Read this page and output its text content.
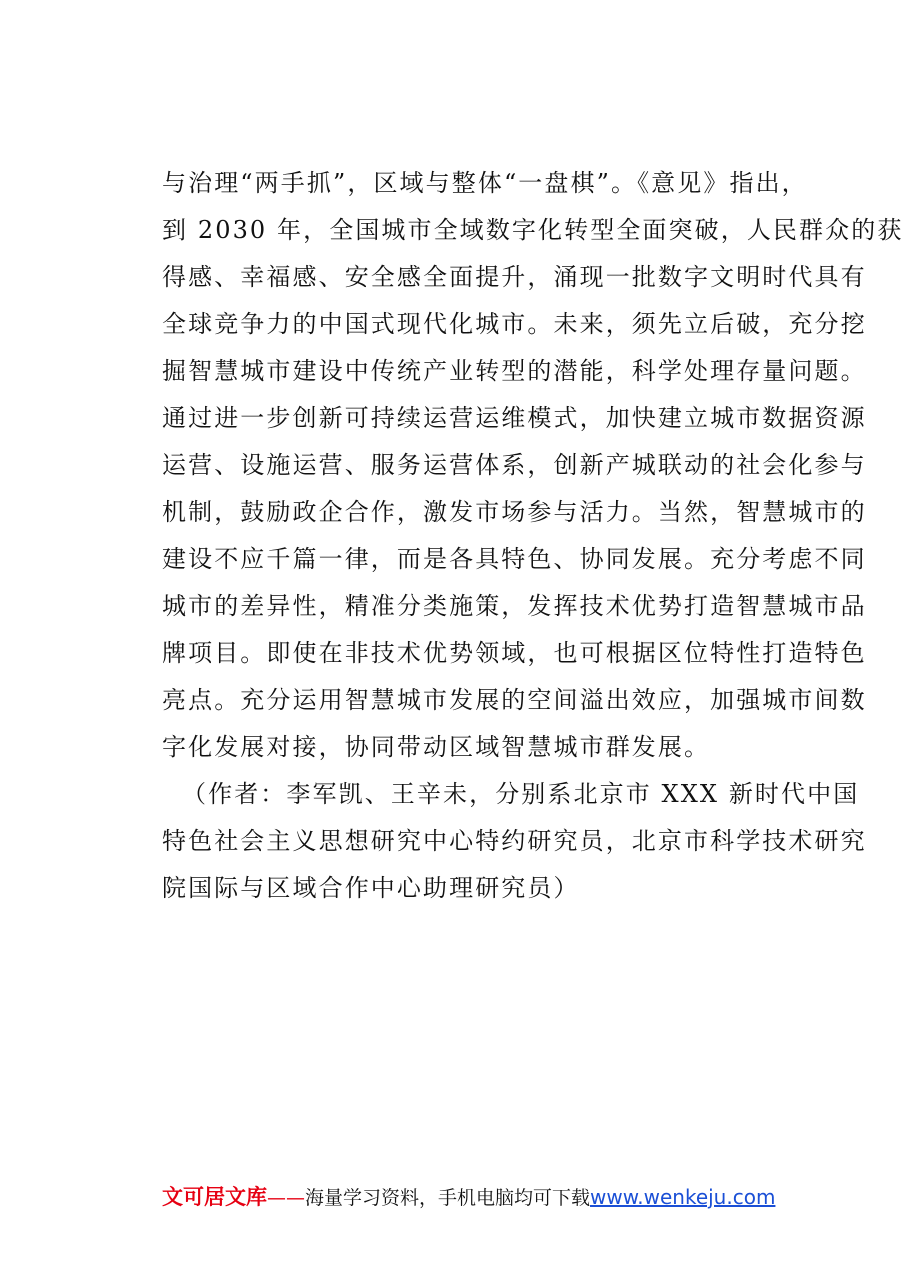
与治理“两手抓”，区域与整体“一盘棋”。《意见》指出，
到 2030 年，全国城市全域数字化转型全面突破，人民群众的获
得感、幸福感、安全感全面提升，涌现一批数字文明时代具有
全球竞争力的中国式现代化城市。未来，须先立后破，充分挖
掘智慧城市建设中传统产业转型的潜能，科学处理存量问题。
通过进一步创新可持续运营运维模式，加快建立城市数据资源
运营、设施运营、服务运营体系，创新产城联动的社会化参与
机制，鼓励政企合作，激发市场参与活力。当然，智慧城市的
建设不应千篇一律，而是各具特色、协同发展。充分考虑不同
城市的差异性，精准分类施策，发挥技术优势打造智慧城市品
牌项目。即使在非技术优势领域，也可根据区位特性打造特色
亮点。充分运用智慧城市发展的空间溢出效应，加强城市间数
字化发展对接，协同带动区域智慧城市群发展。
（作者：李军凯、王辛未，分别系北京市 XXX 新时代中国
特色社会主义思想研究中心特约研究员，北京市科学技术研究
院国际与区域合作中心助理研究员）
文可居文库——海量学习资料，手机电脑均可下载www.wenkeju.com
